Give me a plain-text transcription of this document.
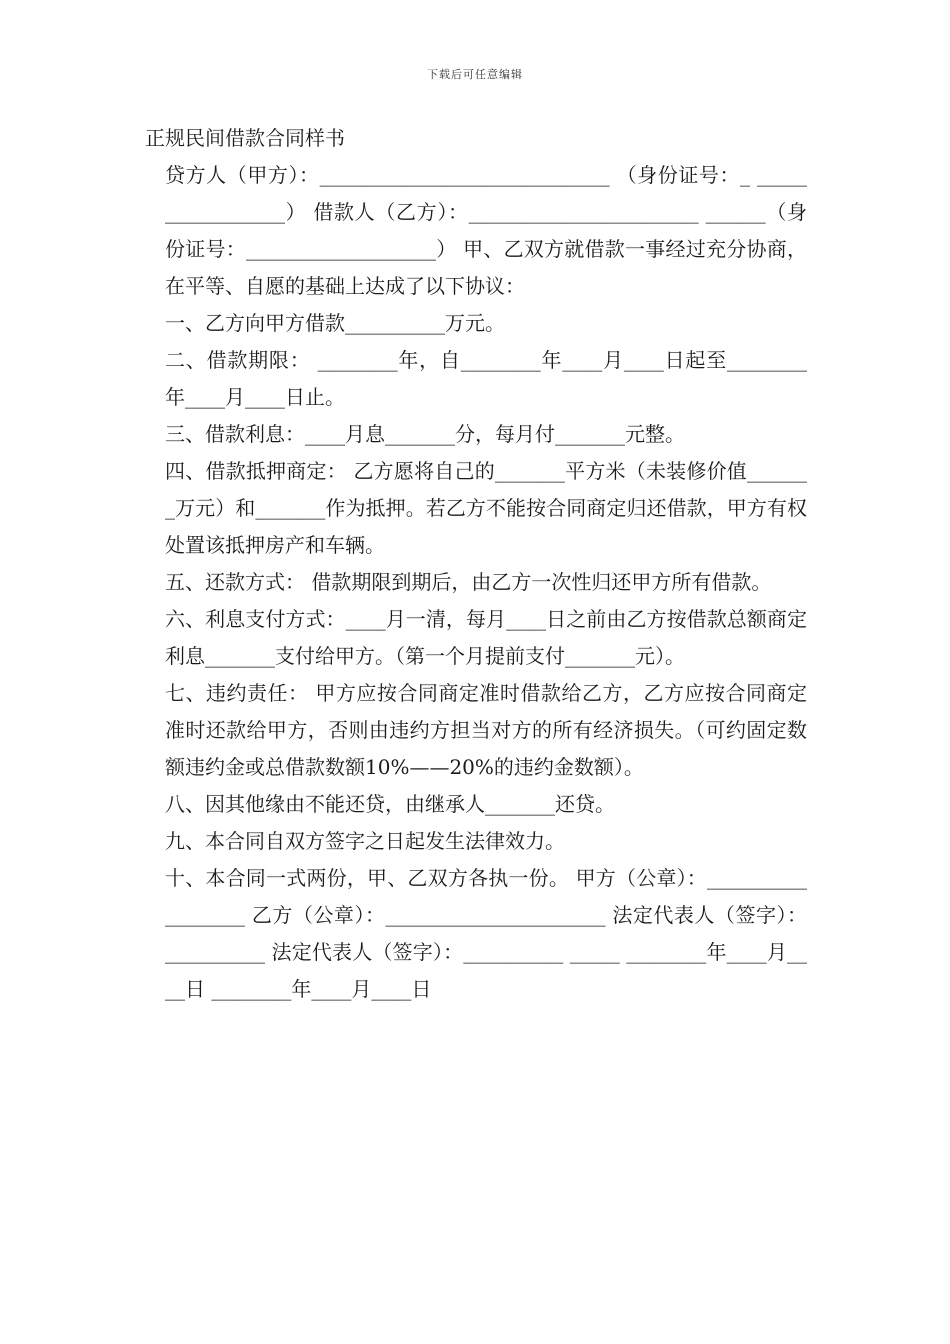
下载后可任意编辑
正规民间借款合同样书

贷方人（甲方）：_____________________________ （身份证号：_ _________________） 借款人（乙方）：_______________________ ______（身份证号：___________________） 甲、乙双方就借款一事经过充分协商，在平等、自愿的基础上达成了以下协议：

一、乙方向甲方借款__________万元。

二、借款期限： ________年，自________年____月____日起至________年____月____日止。

三、借款利息：____月息_______分，每月付_______元整。

四、借款抵押商定： 乙方愿将自己的_______平方米（未装修价值_______万元）和_______作为抵押。若乙方不能按合同商定归还借款，甲方有权处置该抵押房产和车辆。

五、还款方式： 借款期限到期后，由乙方一次性归还甲方所有借款。

六、利息支付方式：____月一清，每月____日之前由乙方按借款总额商定利息_______支付给甲方。（第一个月提前支付_______元）。

七、违约责任： 甲方应按合同商定准时借款给乙方，乙方应按合同商定准时还款给甲方，否则由违约方担当对方的所有经济损失。（可约固定数额违约金或总借款数额10%——20%的违约金数额）。

八、因其他缘由不能还贷，由继承人_______还贷。

九、本合同自双方签字之日起发生法律效力。

十、本合同一式两份，甲、乙双方各执一份。 甲方（公章）：__________________ 乙方（公章）：______________________ 法定代表人（签字）：__________ 法定代表人（签字）：__________ _____ ________年____月____日 ________年____月____日
